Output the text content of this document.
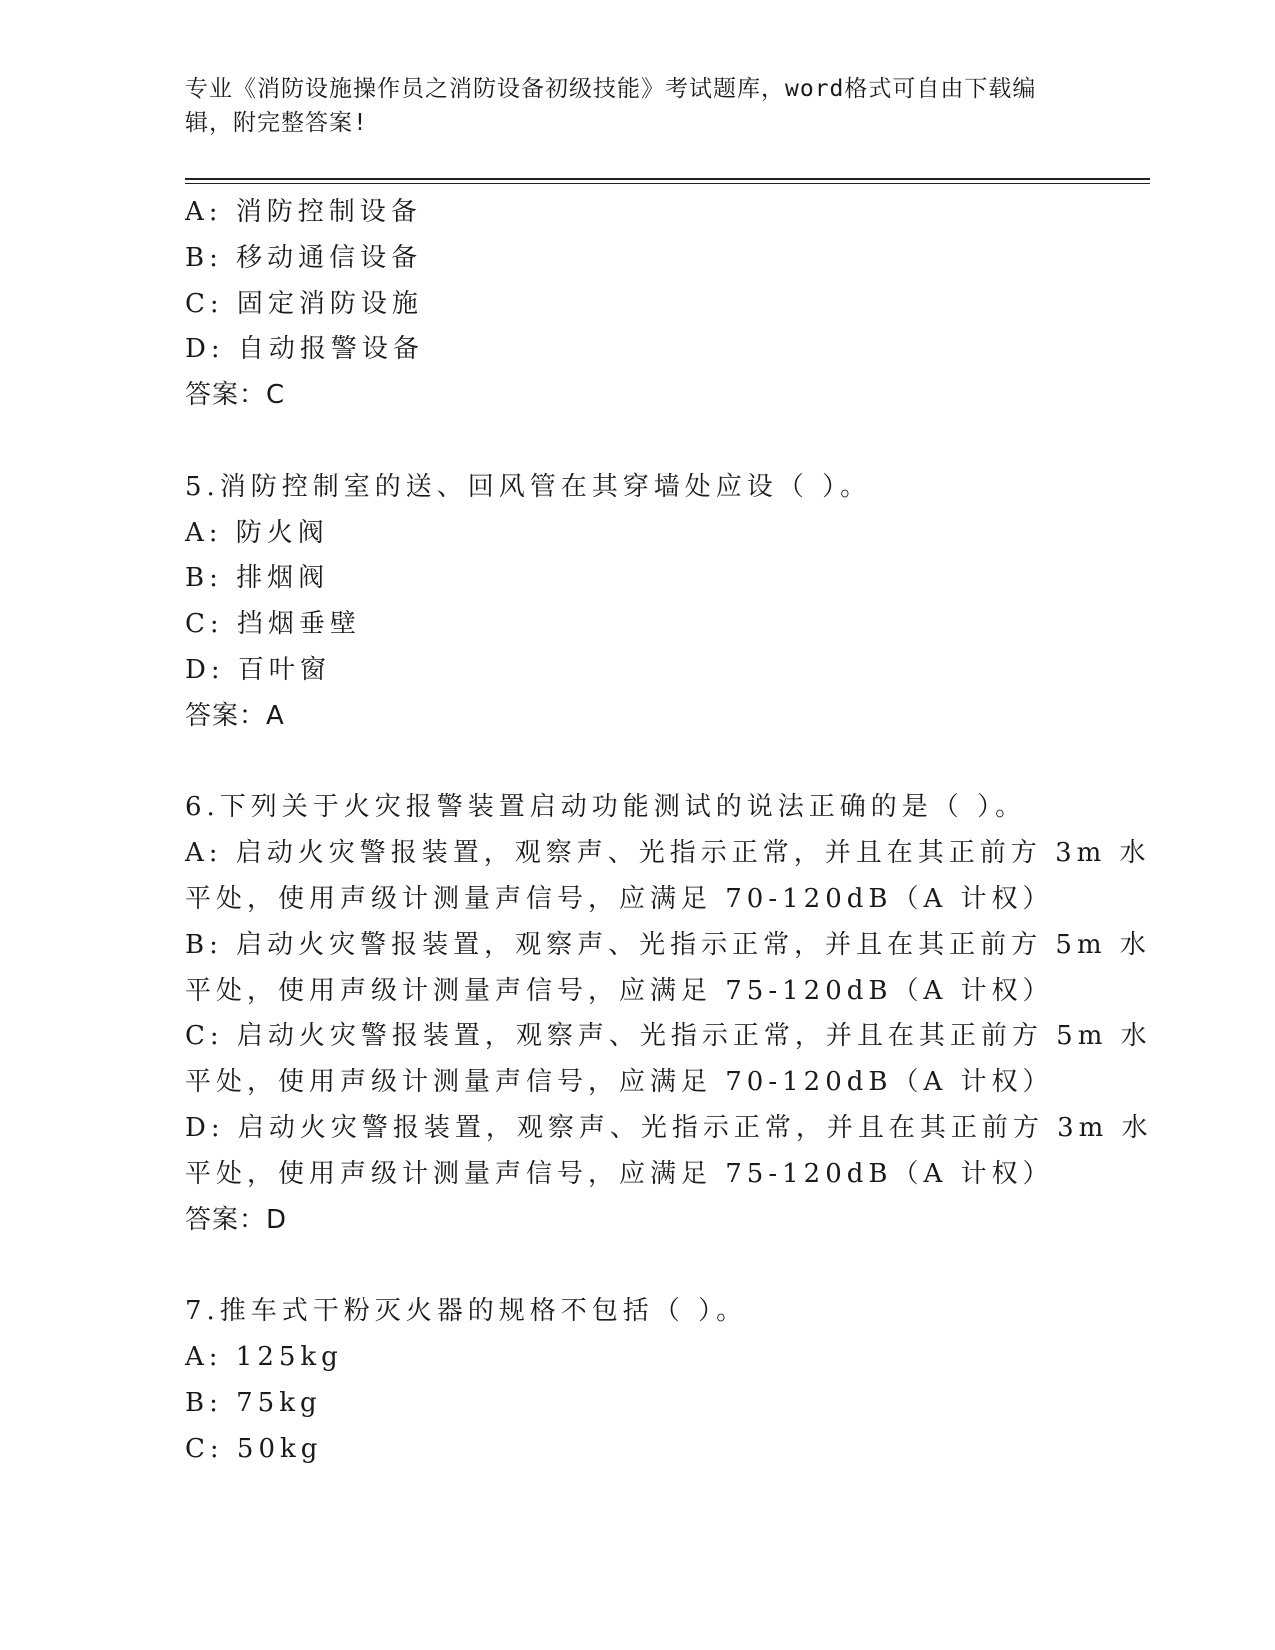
专业《消防设施操作员之消防设备初级技能》考试题库，word格式可自由下载编
辑，附完整答案!
A: 消防控制设备
B: 移动通信设备
C: 固定消防设施
D: 自动报警设备
答案：C
5.消防控制室的送、回风管在其穿墙处应设（ ）。
A: 防火阀
B: 排烟阀
C: 挡烟垂壁
D: 百叶窗
答案：A
6.下列关于火灾报警装置启动功能测试的说法正确的是（ ）。
A: 启动火灾警报装置，观察声、光指示正常，并且在其正前方 3m 水
平处，使用声级计测量声信号，应满足 70-120dB（A 计权）
B: 启动火灾警报装置，观察声、光指示正常，并且在其正前方 5m 水
平处，使用声级计测量声信号，应满足 75-120dB（A 计权）
C: 启动火灾警报装置，观察声、光指示正常，并且在其正前方 5m 水
平处，使用声级计测量声信号，应满足 70-120dB（A 计权）
D: 启动火灾警报装置，观察声、光指示正常，并且在其正前方 3m 水
平处，使用声级计测量声信号，应满足 75-120dB（A 计权）
答案：D
7.推车式干粉灭火器的规格不包括（ ）。
A: 125kg
B: 75kg
C: 50kg
